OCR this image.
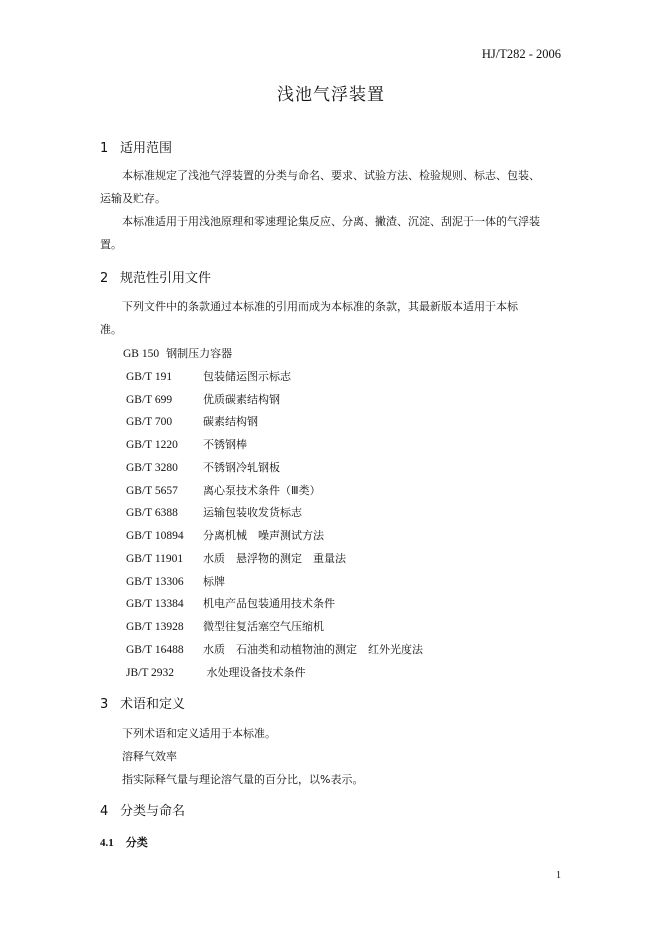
HJ/T282 - 2006
浅池气浮装置
1 适用范围
本标准规定了浅池气浮装置的分类与命名、要求、试验方法、检验规则、标志、包装、
运输及贮存。
本标准适用于用浅池原理和零速理论集反应、分离、撇渣、沉淀、刮泥于一体的气浮装
置。
2 规范性引用文件
下列文件中的条款通过本标准的引用而成为本标准的条款，其最新版本适用于本标
准。
GB 150 钢制压力容器
GB/T 191	包装储运图示标志
GB/T 699	优质碳素结构钢
GB/T 700	碳素结构钢
GB/T 1220 不锈钢棒
GB/T 3280 不锈钢冷轧钢板
GB/T 5657 离心泵技术条件（Ⅲ类）
GB/T 6388 运输包装收发货标志
GB/T 10894 分离机械　噪声测试方法
GB/T 11901 水质　悬浮物的测定　重量法
GB/T 13306 标牌
GB/T 13384 机电产品包装通用技术条件
GB/T 13928 微型往复活塞空气压缩机
GB/T 16488 水质　石油类和动植物油的测定　红外光度法
JB/T 2932	水处理设备技术条件
3 术语和定义
下列术语和定义适用于本标准。
溶释气效率
指实际释气量与理论溶气量的百分比，以%表示。
4 分类与命名
4.1 分类
1
